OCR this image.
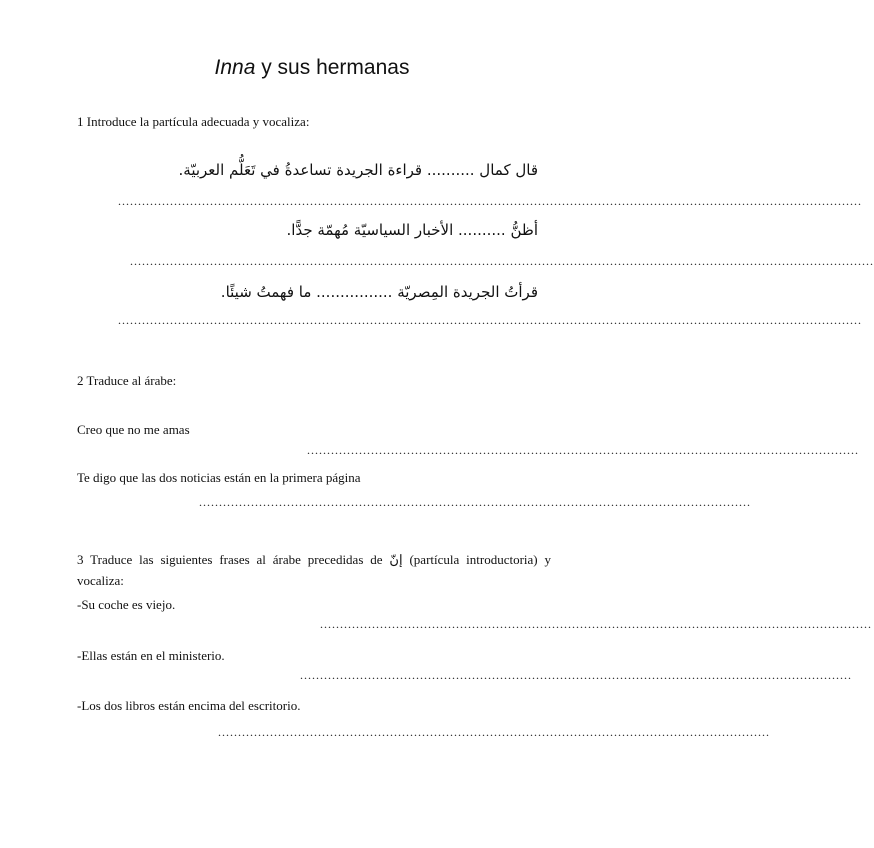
Inna y sus hermanas
1 Introduce la partícula adecuada y vocaliza:
قال كمال .......... قراءة الجريدة تساعدةُ في تَعَلُّم العربيّة.
..........................................................................................................................................................................................
أظنُّ .......... الأخبار السياسيّة مُهمّة جدًّا.
..........................................................................................................................................................................................
قرأتُ الجريدة المِصريّة ................ ما فهمتُ شيئًا.
..........................................................................................................................................................................................
2 Traduce al árabe:
Creo que no me amas
..........................................................................................................................................
Te digo que las dos noticias están en la primera página
..........................................................................................................................................
3 Traduce las siguientes frases al árabe precedidas de إنّ (partícula introductoria) y vocaliza:
-Su coche es viejo.
..........................................................................................................................................
-Ellas están en el ministerio.
..........................................................................................................................................
-Los dos libros están encima del escritorio.
..........................................................................................................................................
